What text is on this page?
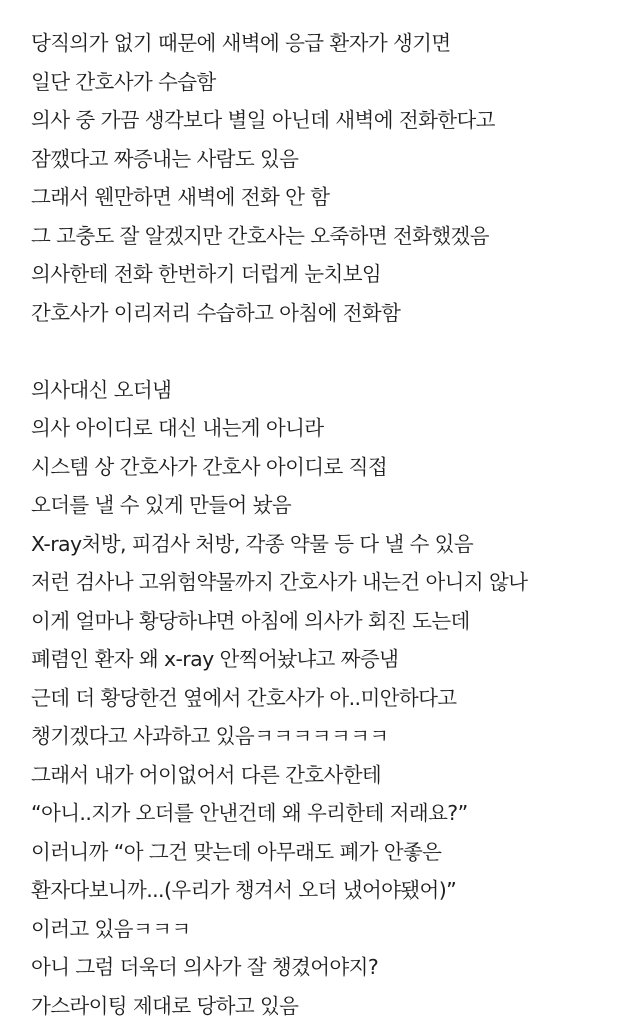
당직의가 없기 때문에 새벽에 응급 환자가 생기면
일단 간호사가 수습함
의사 중 가끔 생각보다 별일 아닌데 새벽에 전화한다고
잠깼다고 짜증내는 사람도 있음
그래서 웬만하면 새벽에 전화 안 함
그 고충도 잘 알겠지만 간호사는 오죽하면 전화했겠음
의사한테 전화 한번하기 더럽게 눈치보임
간호사가 이리저리 수습하고 아침에 전화함
의사대신 오더냄
의사 아이디로 대신 내는게 아니라
시스템 상 간호사가 간호사 아이디로 직접
오더를 낼 수 있게 만들어 놨음
X-ray처방, 피검사 처방, 각종 약물 등 다 낼 수 있음
저런 검사나 고위험약물까지 간호사가 내는건 아니지 않나
이게 얼마나 황당하냐면 아침에 의사가 회진 도는데
폐렴인 환자 왜 x-ray 안찍어놨냐고 짜증냄
근데 더 황당한건 옆에서 간호사가 아..미안하다고
챙기겠다고 사과하고 있음ㅋㅋㅋㅋㅋㅋㅋ
그래서 내가 어이없어서 다른 간호사한테
“아니..지가 오더를 안낸건데 왜 우리한테 저래요?”
이러니까 “아 그건 맞는데 아무래도 폐가 안좋은
환자다보니까...(우리가 챙겨서 오더 냈어야됐어)”
이러고 있음ㅋㅋㅋ
아니 그럼 더욱더 의사가 잘 챙겼어야지?
가스라이팅 제대로 당하고 있음
